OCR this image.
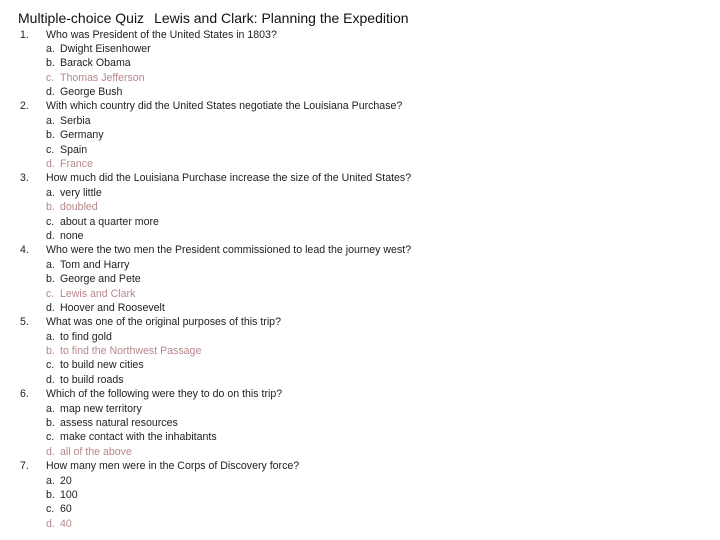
Multiple-choice Quiz Lewis and Clark: Planning the Expedition
1. Who was President of the United States in 1803?
a. Dwight Eisenhower
b. Barack Obama
c. Thomas Jefferson
d. George Bush
2. With which country did the United States negotiate the Louisiana Purchase?
a. Serbia
b. Germany
c. Spain
d. France
3. How much did the Louisiana Purchase increase the size of the United States?
a. very little
b. doubled
c. about a quarter more
d. none
4. Who were the two men the President commissioned to lead the journey west?
a. Tom and Harry
b. George and Pete
c. Lewis and Clark
d. Hoover and Roosevelt
5. What was one of the original purposes of this trip?
a. to find gold
b. to find the Northwest Passage
c. to build new cities
d. to build roads
6. Which of the following were they to do on this trip?
a. map new territory
b. assess natural resources
c. make contact with the inhabitants
d. all of the above
7. How many men were in the Corps of Discovery force?
a. 20
b. 100
c. 60
d. 40
